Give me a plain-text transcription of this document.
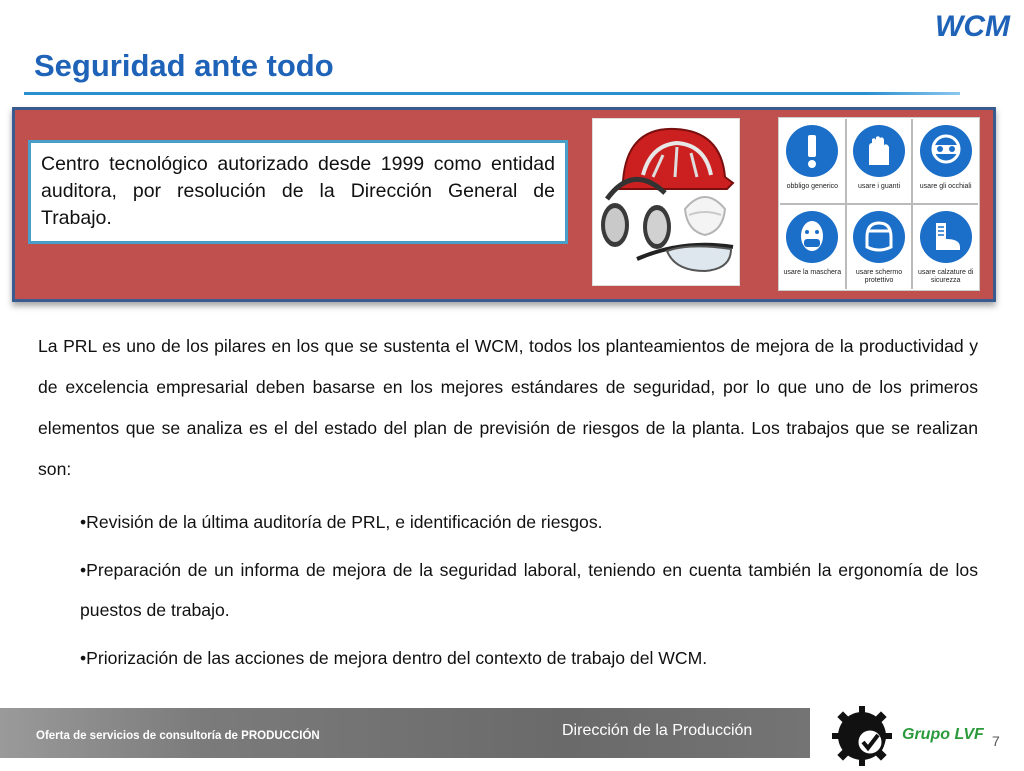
WCM
Seguridad ante todo
Centro tecnológico autorizado desde 1999 como entidad auditora, por resolución de la Dirección General de Trabajo.
obbligo generico	usare i guanti	usare gli occhiali
usare la maschera	usare schermo protettivo
usare calzature di sicurezza
La PRL es uno de los pilares en los que se sustenta el WCM, todos los planteamientos de mejora de la productividad y de excelencia empresarial deben basarse en los mejores estándares de seguridad, por lo que uno de los primeros elementos que se analiza es el del estado del plan de previsión de riesgos de la planta. Los trabajos que se realizan son:
•Revisión de la última auditoría de PRL, e identificación de riesgos.
•Preparación de un informa de mejora de la seguridad laboral, teniendo en cuenta también la ergonomía de los puestos de trabajo.
•Priorización de las acciones de mejora dentro del contexto de trabajo del WCM.
Oferta de servicios de consultoría de PRODUCCIÓN	Dirección de la Producción	Grupo LVF 7
